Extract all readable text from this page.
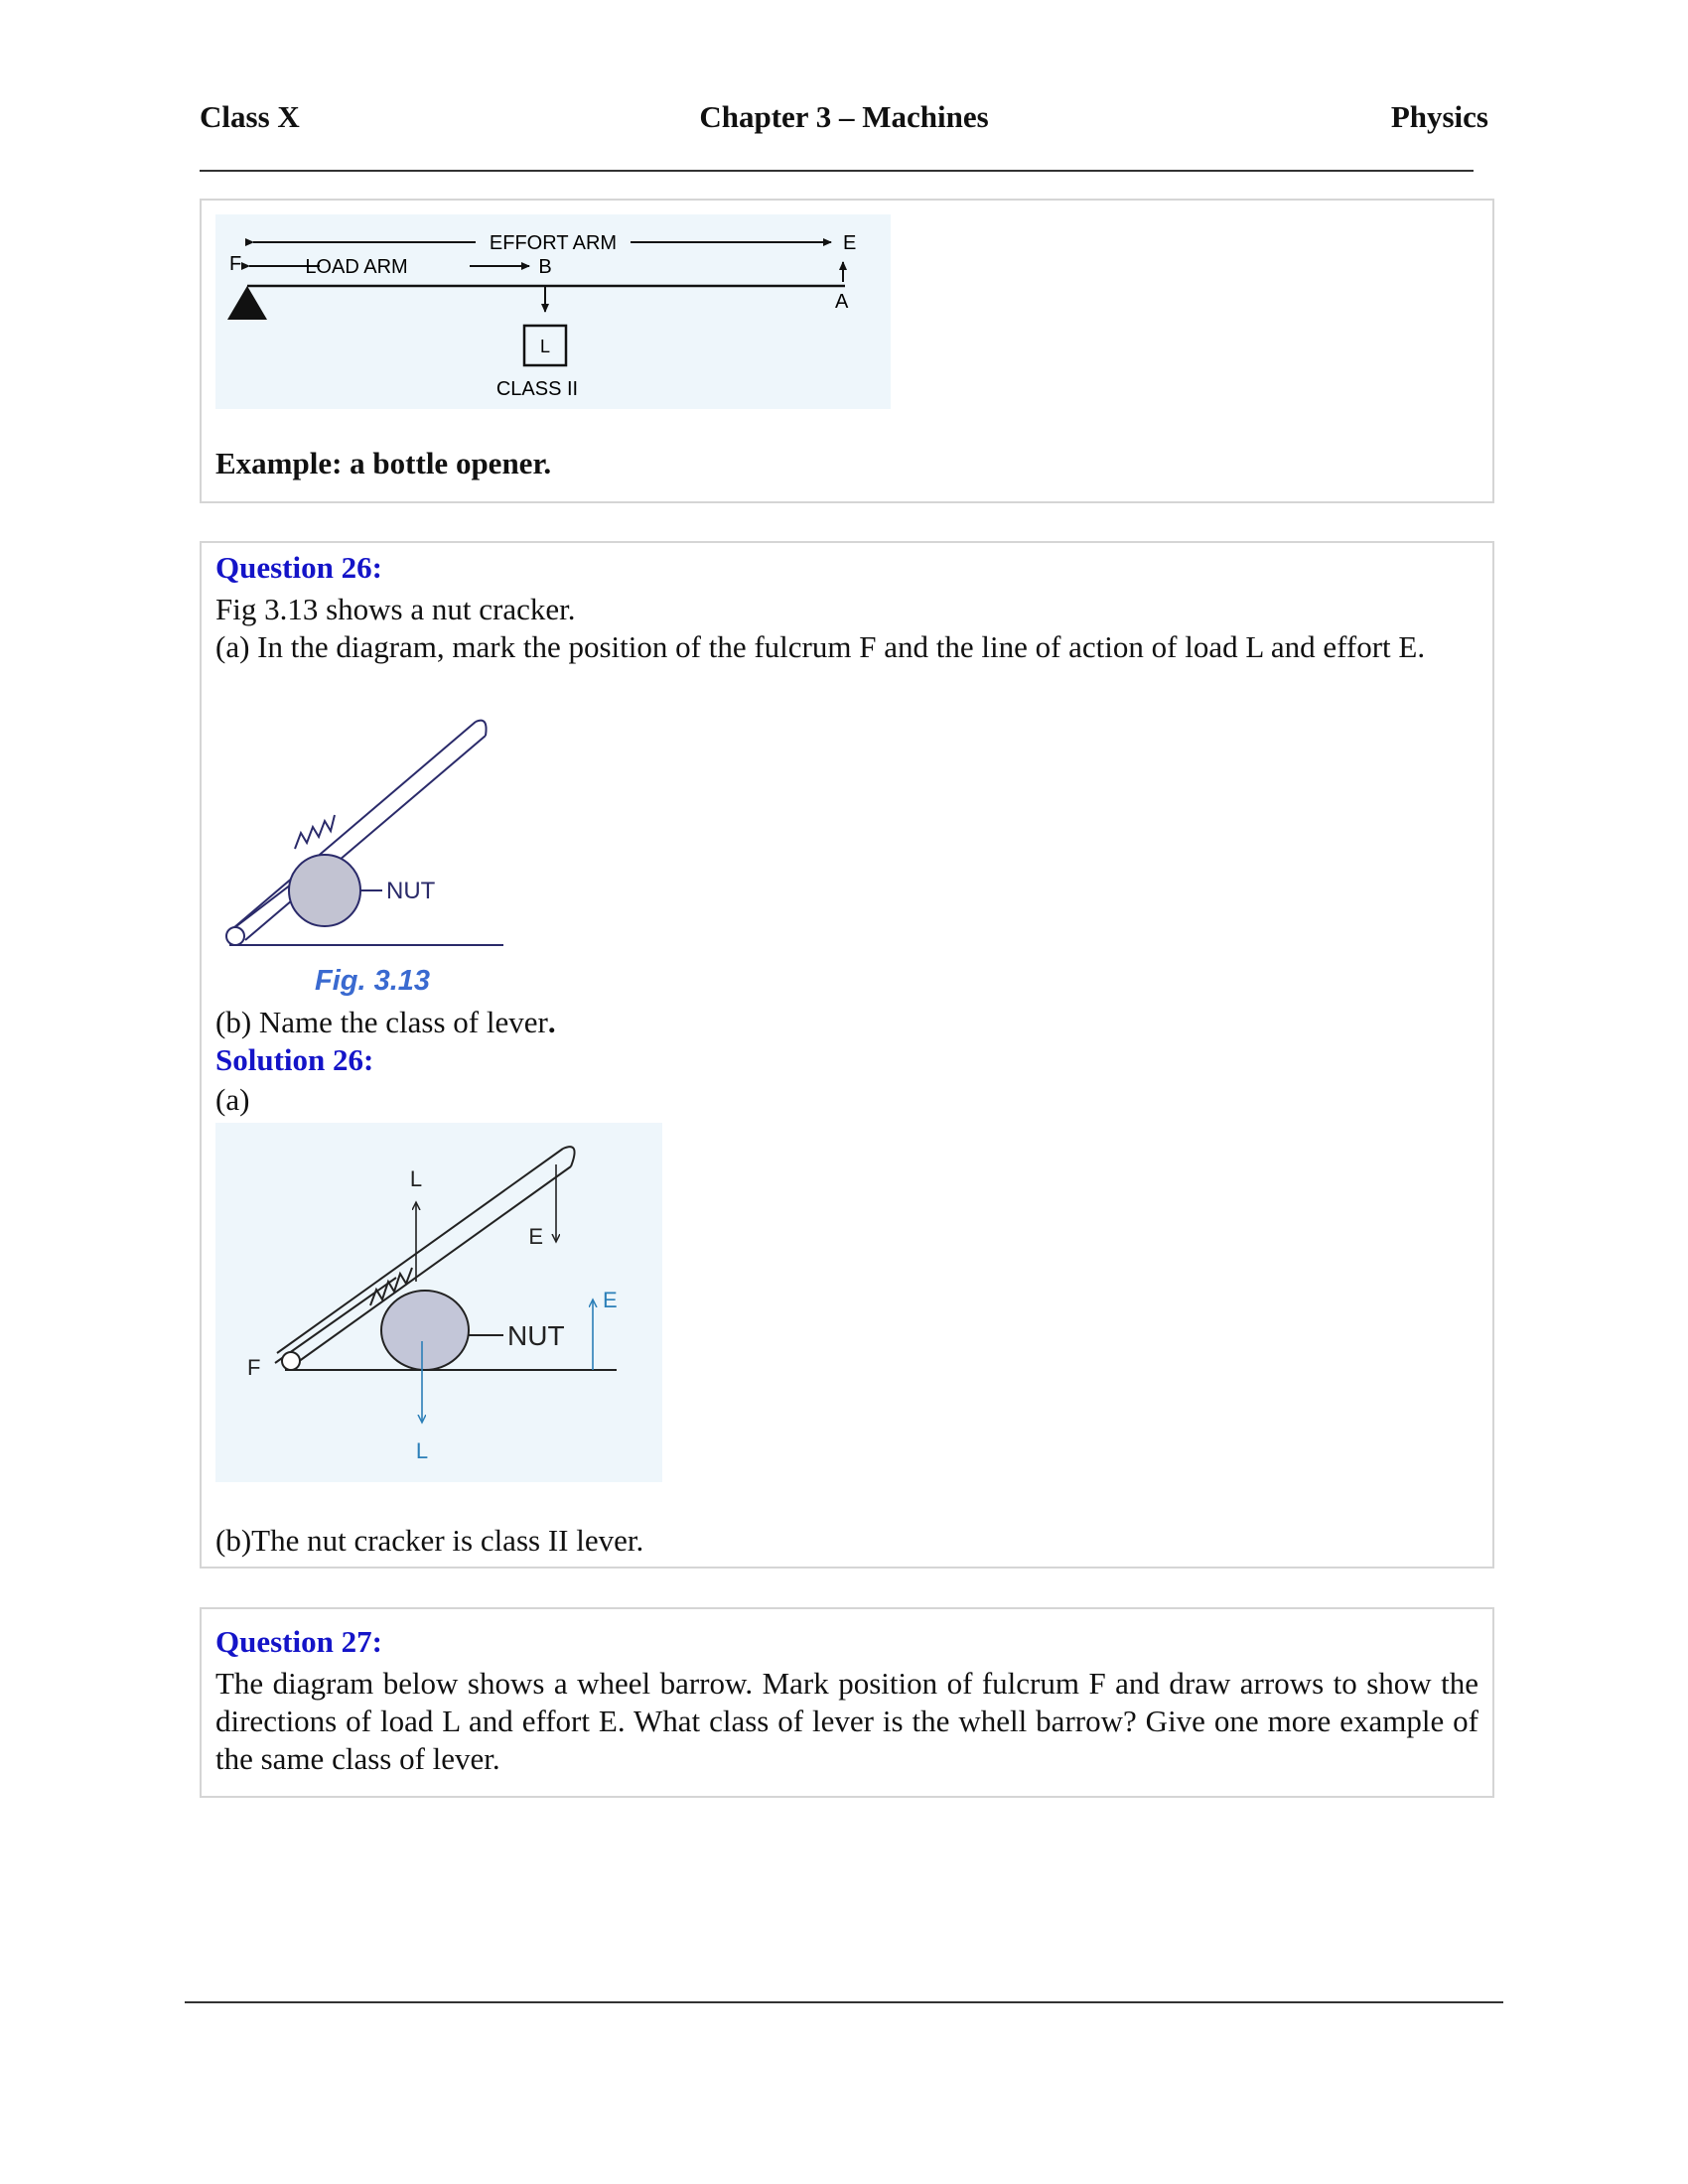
Class X	Chapter 3 – Machines	Physics
EFFORT ARM	E
F	LOAD ARM	B
A
L
CLASS II
Example: a bottle opener.
Question 26:
Fig 3.13 shows a nut cracker.
(a) In the diagram, mark the position of the fulcrum F and the line of action of load L and effort E.
NUT
Fig. 3.13
(b) Name the class of lever.
Solution 26:
(a)
NUT
F
L
E
E
L
(b)The nut cracker is class II lever.
Question 27:
The diagram below shows a wheel barrow. Mark position of fulcrum F and draw arrows to show the directions of load L and effort E. What class of lever is the whell barrow? Give one more example of the same class of lever.
